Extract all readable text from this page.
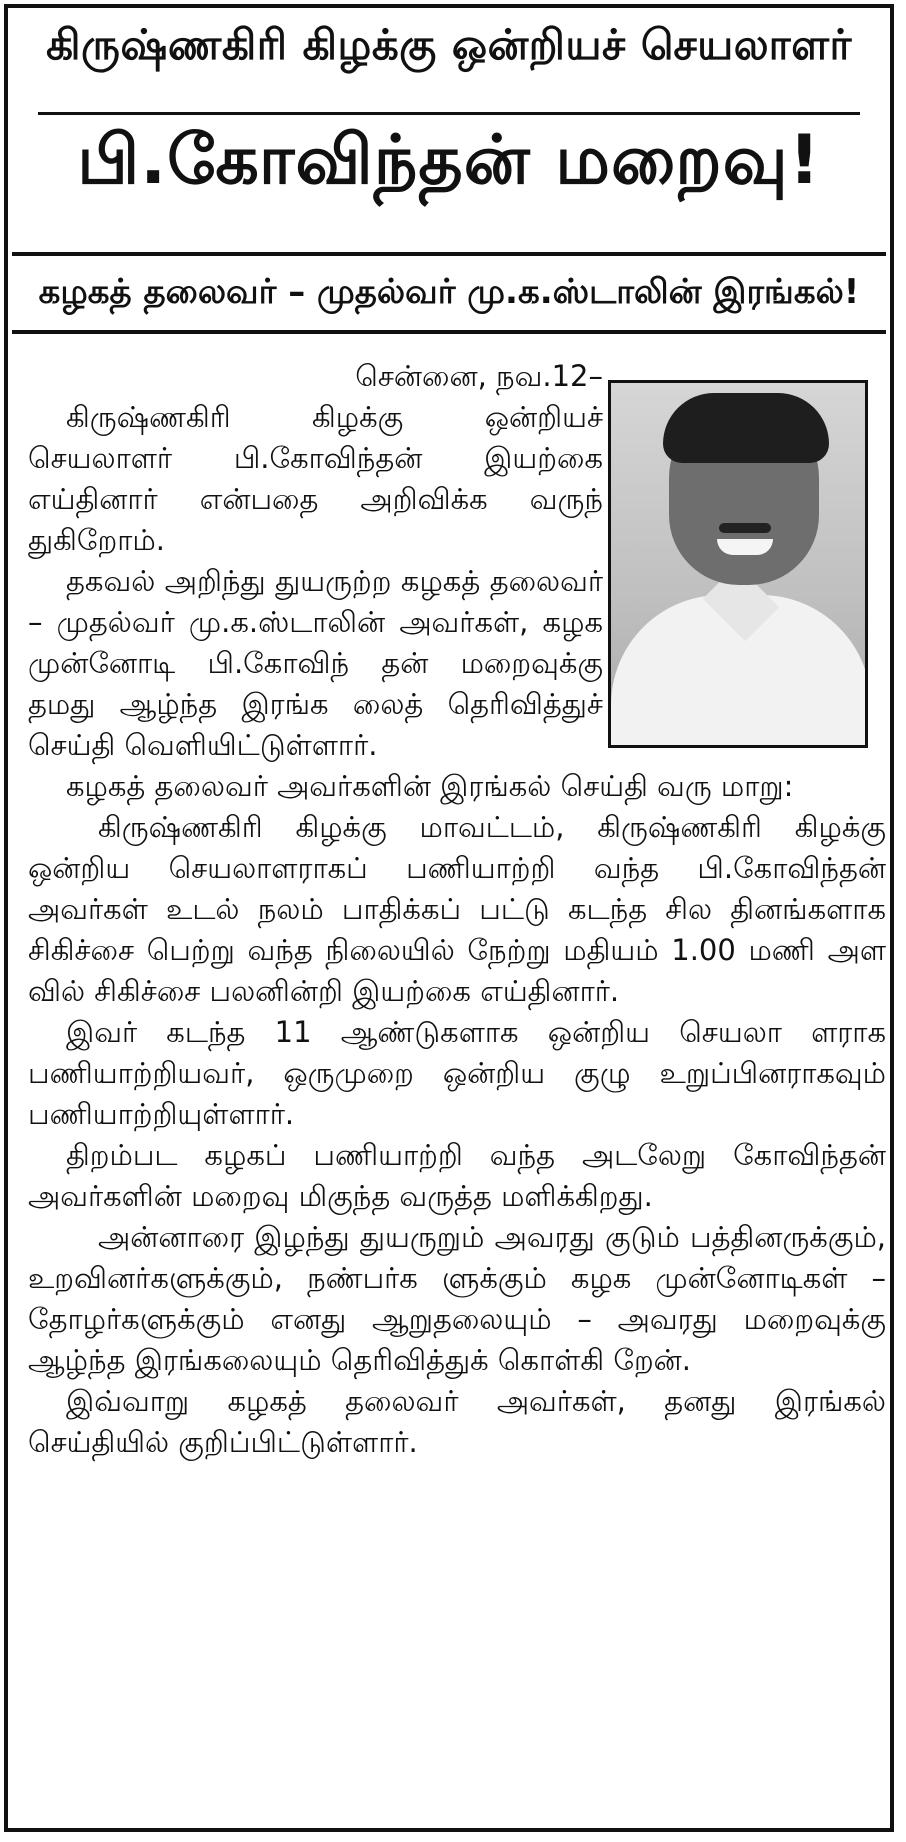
கிருஷ்ணகிரி கிழக்கு ஒன்றியச் செயலாளர்
பி.கோவிந்தன் மறைவு!
கழகத் தலைவர் – முதல்வர் மு.க.ஸ்டாலின் இரங்கல்!

சென்னை, நவ.12–

கிருஷ்ணகிரி கிழக்கு ஒன்றியச் செயலாளர் பி.கோவிந்தன் இயற்கை எய்தினார் என்பதை அறிவிக்க வருந் துகிறோம்.

தகவல் அறிந்து துயருற்ற கழகத் தலைவர் – முதல்வர் மு.க.ஸ்டாலின் அவர்கள், கழக முன்னோடி பி.கோவிந் தன் மறைவுக்கு தமது ஆழ்ந்த இரங்க லைத் தெரிவித்துச் செய்தி வெளியிட்டுள்ளார்.

கழகத் தலைவர் அவர்களின் இரங்கல் செய்தி வரு மாறு:

கிருஷ்ணகிரி கிழக்கு மாவட்டம், கிருஷ்ணகிரி கிழக்கு ஒன்றிய செயலாளராகப் பணியாற்றி வந்த பி.கோவிந்தன் அவர்கள் உடல் நலம் பாதிக்கப் பட்டு கடந்த சில தினங்களாக சிகிச்சை பெற்று வந்த நிலையில் நேற்று மதியம் 1.00 மணி அள வில் சிகிச்சை பலனின்றி இயற்கை எய்தினார்.

இவர் கடந்த 11 ஆண்டுகளாக ஒன்றிய செயலா ளராக பணியாற்றியவர், ஒருமுறை ஒன்றிய குழு உறுப்பினராகவும் பணியாற்றியுள்ளார்.

திறம்பட கழகப் பணியாற்றி வந்த அடலேறு கோவிந்தன் அவர்களின் மறைவு மிகுந்த வருத்த மளிக்கிறது.

அன்னாரை இழந்து துயருறும் அவரது குடும் பத்தினருக்கும், உறவினர்களுக்கும், நண்பர்க ளுக்கும் கழக முன்னோடிகள் – தோழர்களுக்கும் எனது ஆறுதலையும் – அவரது மறைவுக்கு ஆழ்ந்த இரங்கலையும் தெரிவித்துக் கொள்கி றேன்.

இவ்வாறு கழகத் தலைவர் அவர்கள், தனது இரங்கல் செய்தியில் குறிப்பிட்டுள்ளார்.
